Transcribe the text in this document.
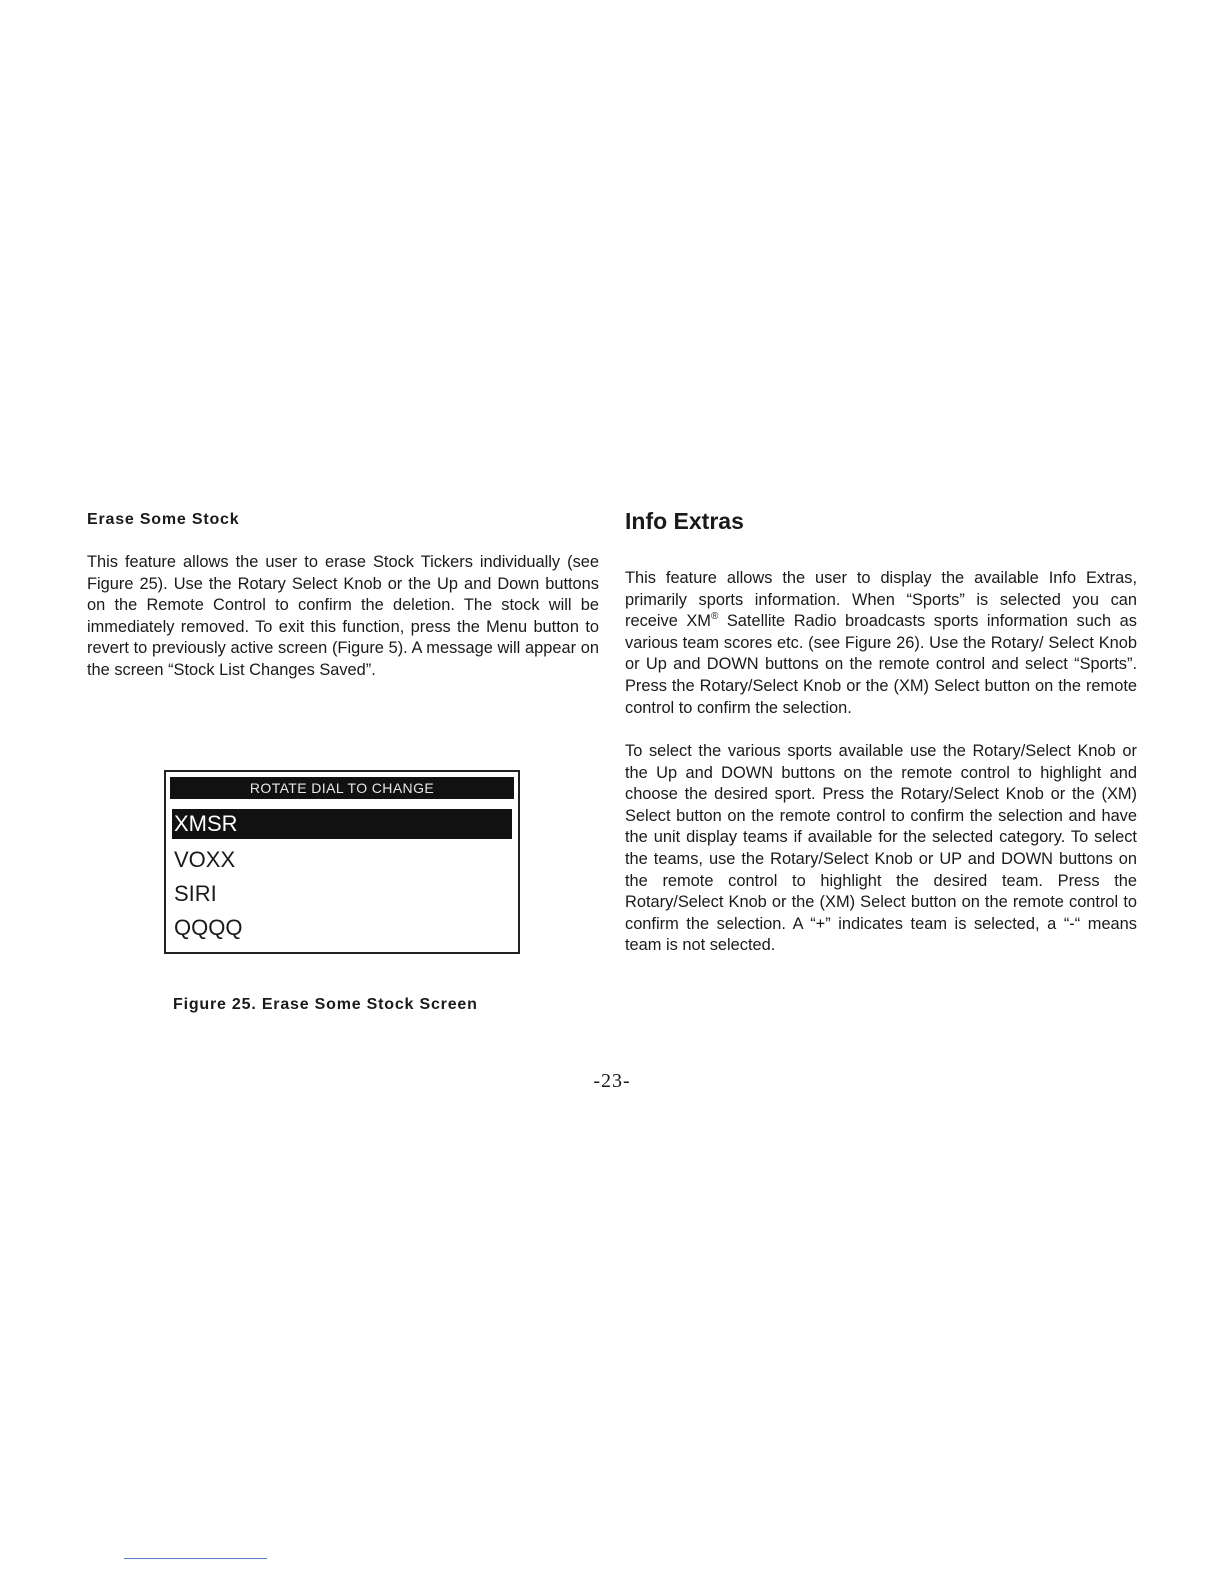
Erase Some Stock

This feature allows the user to erase Stock Tickers individually (see Figure 25). Use the Rotary Select Knob or the Up and Down buttons on the Remote Control to confirm the deletion. The stock will be immediately removed. To exit this function, press the Menu button to revert to previously active screen (Figure 5). A message will appear on the screen “Stock List Changes Saved”.

ROTATE DIAL TO CHANGE
XMSR
VOXX
SIRI
QQQQ

Figure 25. Erase Some Stock Screen

Info Extras

This feature allows the user to display the available Info Extras, primarily sports information. When “Sports” is selected you can receive XM® Satellite Radio broadcasts sports information such as various team scores etc. (see Figure 26). Use the Rotary/ Select Knob or Up and DOWN buttons on the remote control and select “Sports”. Press the Rotary/Select Knob or the (XM) Select button on the remote control to confirm the selection.

To select the various sports available use the Rotary/Select Knob or the Up and DOWN buttons on the remote control to highlight and choose the desired sport. Press the Rotary/Select Knob or the (XM) Select button on the remote control to confirm the selection and have the unit display teams if available for the selected category. To select the teams, use the Rotary/Select Knob or UP and DOWN buttons on the remote control to highlight the desired team. Press the Rotary/Select Knob or the (XM) Select button on the remote control to confirm the selection. A “+” indicates team is selected, a “-“ means team is not selected.

-23-
